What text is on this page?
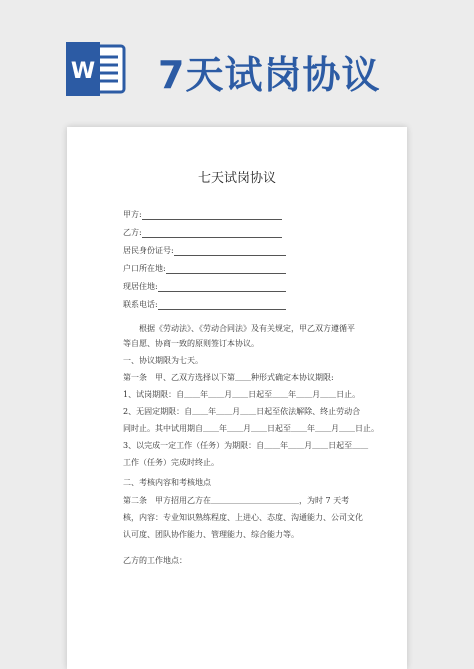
W 7天试岗协议
七天试岗协议
甲方:
乙方:
居民身份证号:
户口所在地:
现居住地:
联系电话:
根据《劳动法》、《劳动合同法》及有关规定，甲乙双方遵循平
等自愿、协商一致的原则签订本协议。
一、协议期限为七天。
第一条　甲、乙双方选择以下第＿＿种形式确定本协议期限:
1、试岗期限：自＿＿年＿＿月＿＿日起至＿＿年＿＿月＿＿日止。
2、无固定期限：自＿＿年＿＿月＿＿日起至依法解除、终止劳动合
同时止。其中试用期自＿＿年＿＿月＿＿日起至＿＿年＿＿月＿＿日止。
3、以完成一定工作（任务）为期限：自＿＿年＿＿月＿＿日起至＿＿
工作（任务）完成时终止。
二、考核内容和考核地点
第二条　甲方招用乙方在＿＿＿＿＿＿＿＿＿＿＿，为时 7 天考
核，内容：专业知识熟练程度、上进心、态度、沟通能力、公司文化
认可度、团队协作能力、管理能力、综合能力等。
乙方的工作地点：
